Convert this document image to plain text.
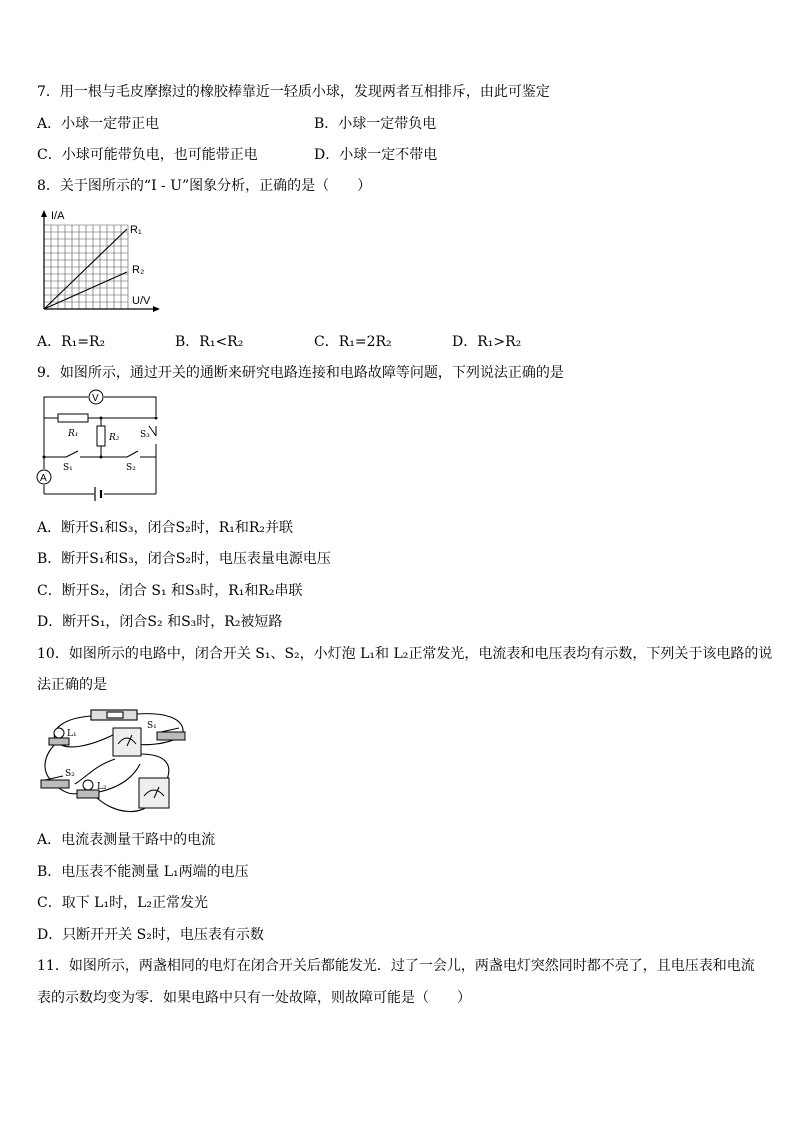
7．用一根与毛皮摩擦过的橡胶棒靠近一轻质小球，发现两者互相排斥，由此可鉴定
A．小球一定带正电	B．小球一定带负电
C．小球可能带负电，也可能带正电	D．小球一定不带电
8．关于图所示的“I - U”图象分析，正确的是（　　）
I/A
U/V
R₁
R₂
A．R₁=R₂	B．R₁<R₂	C．R₁=2R₂	D．R₁>R₂
9．如图所示，通过开关的通断来研究电路连接和电路故障等问题，下列说法正确的是
V
A
R₁	R₂ S₃
S₁	S₂
A．断开S₁和S₃，闭合S₂时，R₁和R₂并联
B．断开S₁和S₃，闭合S₂时，电压表量电源电压
C．断开S₂，闭合 S₁ 和S₃时，R₁和R₂串联
D．断开S₁，闭合S₂ 和S₃时，R₂被短路
10．如图所示的电路中，闭合开关 S₁、S₂，小灯泡 L₁和 L₂正常发光，电流表和电压表均有示数，下列关于该电路的说
法正确的是
L₁
S₁
S₂
L₂
A．电流表测量干路中的电流
B．电压表不能测量 L₁两端的电压
C．取下 L₁时，L₂正常发光
D．只断开开关 S₂时，电压表有示数
11．如图所示，两盏相同的电灯在闭合开关后都能发光．过了一会儿，两盏电灯突然同时都不亮了，且电压表和电流
表的示数均变为零．如果电路中只有一处故障，则故障可能是（　　）
